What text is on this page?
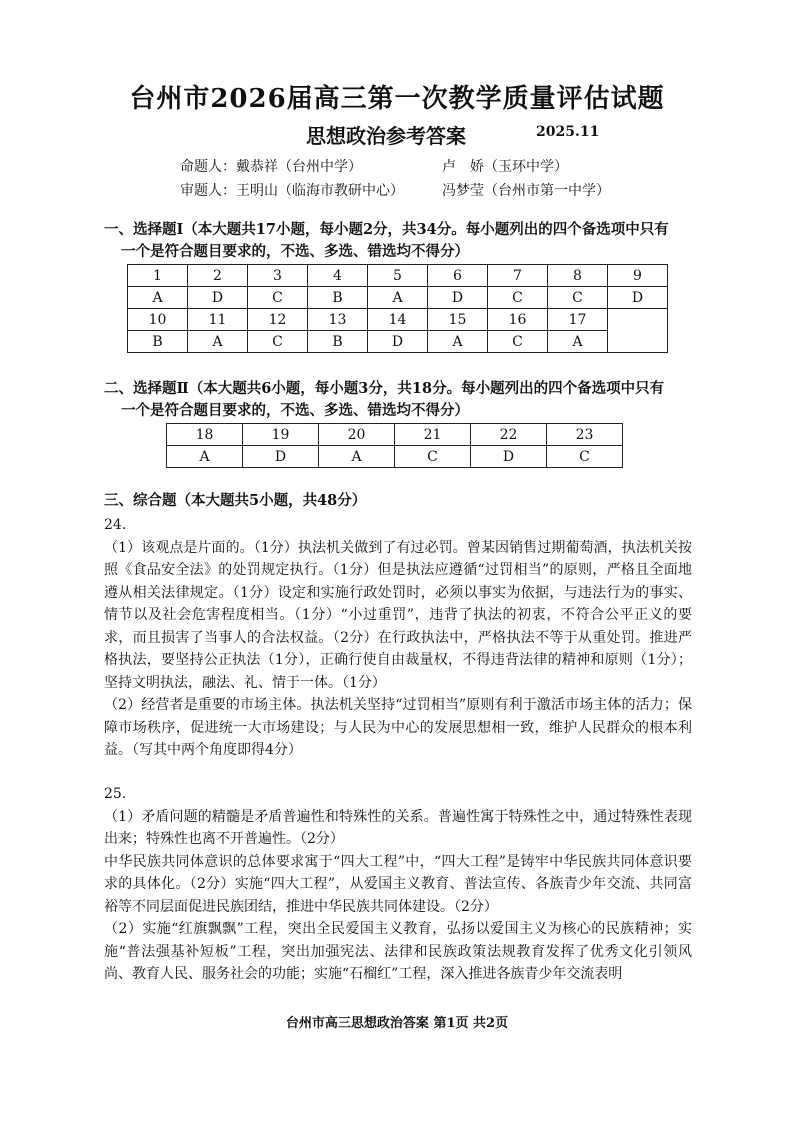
台州市2026届高三第一次教学质量评估试题
思想政治参考答案	2025.11
命题人：戴恭祥（台州中学）	卢　娇（玉环中学）
审题人：王明山（临海市教研中心）	冯梦莹（台州市第一中学）
一、选择题Ⅰ（本大题共17小题，每小题2分，共34分。每小题列出的四个备选项中只有
一个是符合题目要求的，不选、多选、错选均不得分）
1	2	3	4	5	6	7	8	9
A	D	C	B	A	D	C	C	D
10	11	12	13	14	15	16	17	
B	A	C	B	D	A	C	A	
二、选择题Ⅱ（本大题共6小题，每小题3分，共18分。每小题列出的四个备选项中只有
一个是符合题目要求的，不选、多选、错选均不得分）
18	19	20	21	22	23
A	D	A	C	D	C
三、综合题（本大题共5小题，共48分）

24.

（1）该观点是片面的。（1分）执法机关做到了有过必罚。曾某因销售过期葡萄酒，执法机关按照《食品安全法》的处罚规定执行。（1分）但是执法应遵循“过罚相当”的原则，严格且全面地遵从相关法律规定。（1分）设定和实施行政处罚时，必须以事实为依据，与违法行为的事实、情节以及社会危害程度相当。（1分）“小过重罚”，违背了执法的初衷，不符合公平正义的要求，而且损害了当事人的合法权益。（2分）在行政执法中，严格执法不等于从重处罚。推进严格执法，要坚持公正执法（1分），正确行使自由裁量权，不得违背法律的精神和原则（1分）；坚持文明执法，融法、礼、情于一体。（1分）

（2）经营者是重要的市场主体。执法机关坚持“过罚相当”原则有利于激活市场主体的活力；保障市场秩序，促进统一大市场建设；与人民为中心的发展思想相一致，维护人民群众的根本利益。（写其中两个角度即得4分）

25.

（1）矛盾问题的精髓是矛盾普遍性和特殊性的关系。普遍性寓于特殊性之中，通过特殊性表现出来；特殊性也离不开普遍性。（2分）

中华民族共同体意识的总体要求寓于“四大工程”中，“四大工程”是铸牢中华民族共同体意识要求的具体化。（2分）实施“四大工程”，从爱国主义教育、普法宣传、各族青少年交流、共同富裕等不同层面促进民族团结，推进中华民族共同体建设。（2分）

（2）实施“红旗飘飘”工程，突出全民爱国主义教育，弘扬以爱国主义为核心的民族精神；实施“普法强基补短板”工程，突出加强宪法、法律和民族政策法规教育发挥了优秀文化引领风尚、教育人民、服务社会的功能；实施“石榴红”工程，深入推进各族青少年交流表明

台州市高三思想政治答案 第1页 共2页
